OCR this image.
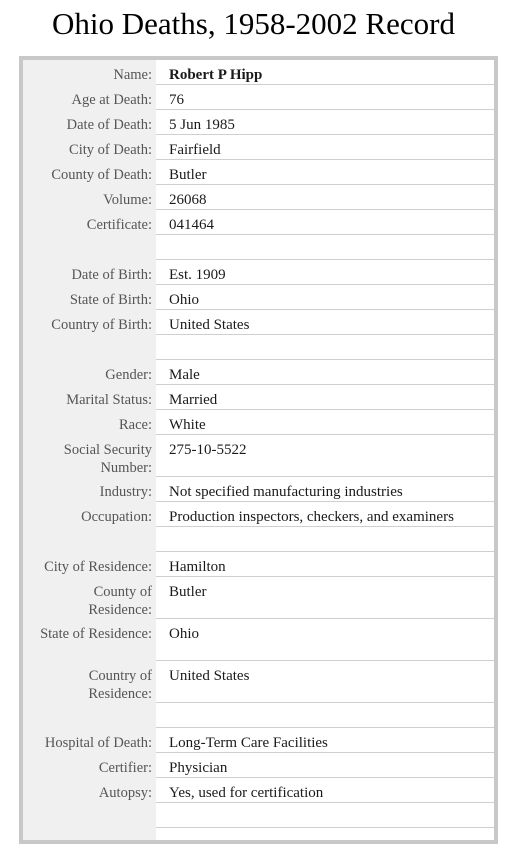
Ohio Deaths, 1958-2002 Record
Name:	Robert P Hipp
Age at Death:	76
Date of Death:	5 Jun 1985
City of Death:	Fairfield
County of Death:	Butler
Volume:	26068
Certificate:	041464
Date of Birth:	Est. 1909
State of Birth:	Ohio
Country of Birth:	United States
Gender:	Male
Marital Status:	Married
Race:	White
Social Security Number:
275-10-5522
Industry:	Not specified manufacturing industries
Occupation:	Production inspectors, checkers, and examiners
City of Residence:	Hamilton
County of Residence:
Butler
State of Residence:	Ohio
Country of Residence:
United States
Hospital of Death:	Long-Term Care Facilities
Certifier:	Physician
Autopsy:	Yes, used for certification
